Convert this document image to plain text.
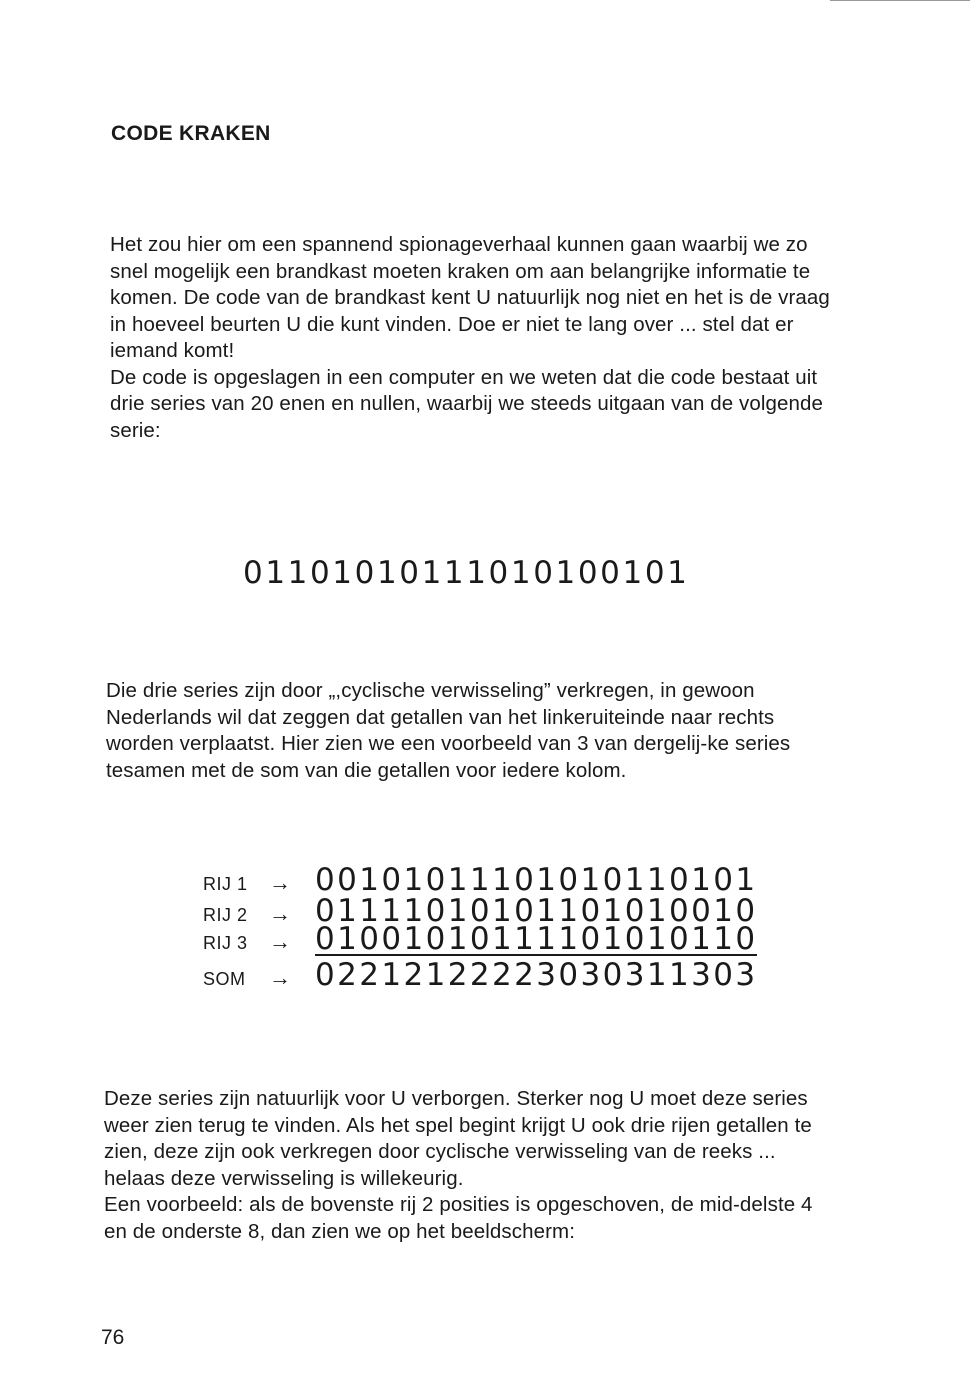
CODE KRAKEN

Het zou hier om een spannend spionageverhaal kunnen gaan waarbij we zo snel mogelijk een brandkast moeten kraken om aan belangrijke informatie te komen. De code van de brandkast kent U natuurlijk nog niet en het is de vraag in hoeveel beurten U die kunt vinden. Doe er niet te lang over ... stel dat er iemand komt!

De code is opgeslagen in een computer en we weten dat die code bestaat uit drie series van 20 enen en nullen, waarbij we steeds uitgaan van de volgende serie:

01101010111010100101

Die drie series zijn door „,cyclische verwisseling” verkregen, in gewoon Nederlands wil dat zeggen dat getallen van het linkeruiteinde naar rechts worden verplaatst. Hier zien we een voorbeeld van 3 van dergelij-ke series tesamen met de som van die getallen voor iedere kolom.

RIJ 1 → 00101011101010110101
RIJ 2 → 01111010101101010010
RIJ 3 → 01001010111101010110
SOM	→ 02212122223030311303

Deze series zijn natuurlijk voor U verborgen. Sterker nog U moet deze series weer zien terug te vinden. Als het spel begint krijgt U ook drie rijen getallen te zien, deze zijn ook verkregen door cyclische verwisseling van de reeks ... helaas deze verwisseling is willekeurig.

Een voorbeeld: als de bovenste rij 2 posities is opgeschoven, de mid-delste 4 en de onderste 8, dan zien we op het beeldscherm:

76
